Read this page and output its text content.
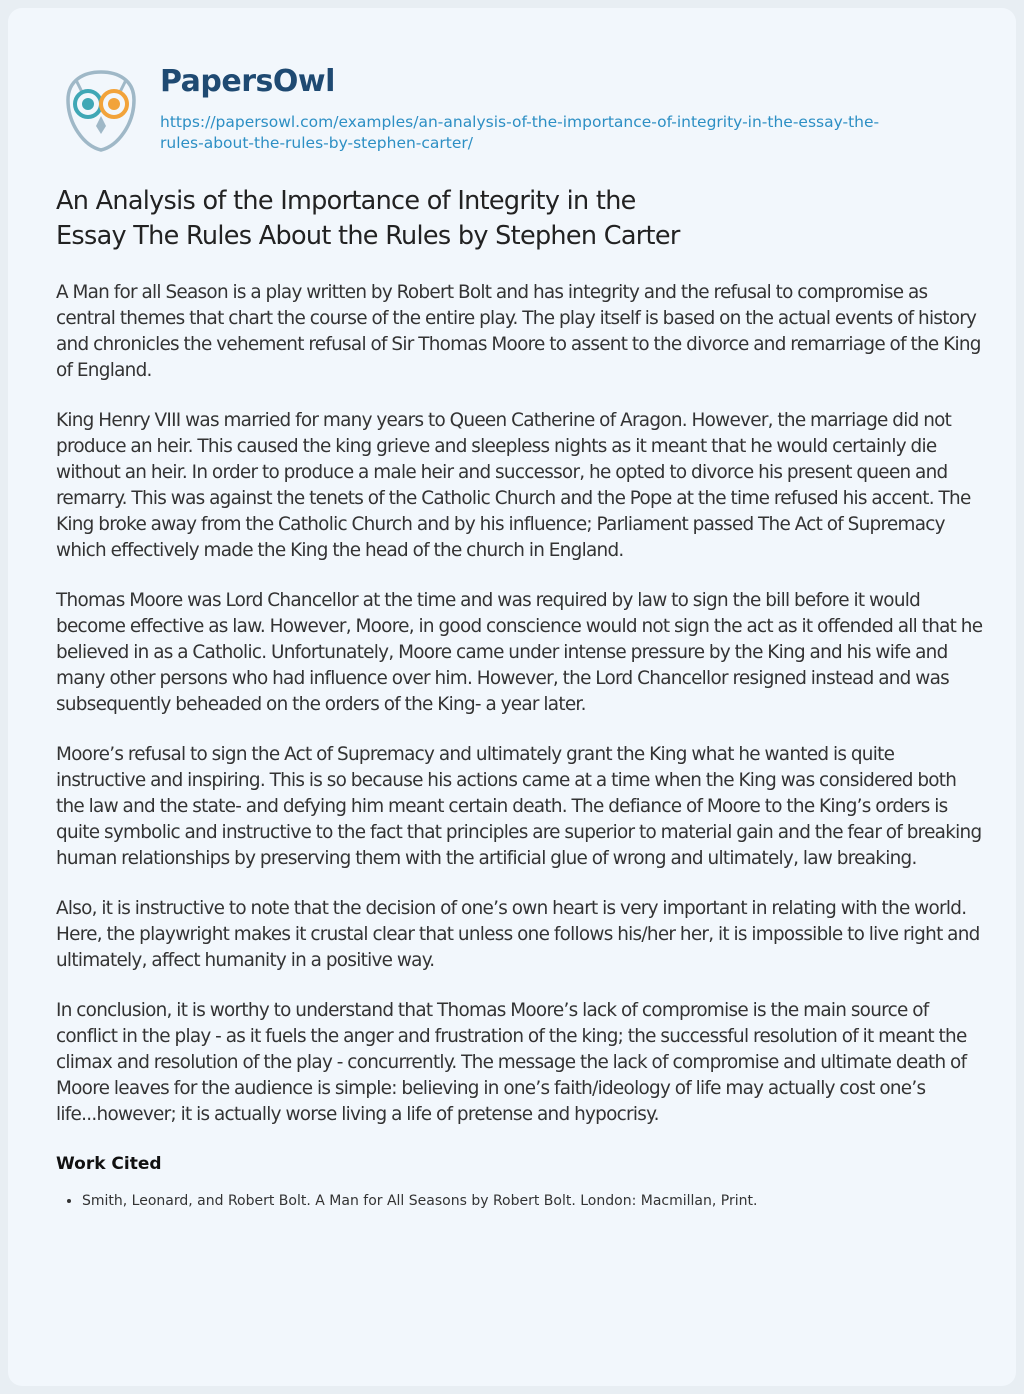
PapersOwl
https://papersowl.com/examples/an-analysis-of-the-importance-of-integrity-in-the-essay-the-
rules-about-the-rules-by-stephen-carter/
An Analysis of the Importance of Integrity in the
Essay The Rules About the Rules by Stephen Carter

A Man for all Season is a play written by Robert Bolt and has integrity and the refusal to compromise as central themes that chart the course of the entire play. The play itself is based on the actual events of history and chronicles the vehement refusal of Sir Thomas Moore to assent to the divorce and remarriage of the King of England.

King Henry VIII was married for many years to Queen Catherine of Aragon. However, the marriage did not produce an heir. This caused the king grieve and sleepless nights as it meant that he would certainly die without an heir. In order to produce a male heir and successor, he opted to divorce his present queen and remarry. This was against the tenets of the Catholic Church and the Pope at the time refused his accent. The King broke away from the Catholic Church and by his influence; Parliament passed The Act of Supremacy which effectively made the King the head of the church in England.

Thomas Moore was Lord Chancellor at the time and was required by law to sign the bill before it would become effective as law. However, Moore, in good conscience would not sign the act as it offended all that he believed in as a Catholic. Unfortunately, Moore came under intense pressure by the King and his wife and many other persons who had influence over him. However, the Lord Chancellor resigned instead and was subsequently beheaded on the orders of the King- a year later.

Moore’s refusal to sign the Act of Supremacy and ultimately grant the King what he wanted is quite instructive and inspiring. This is so because his actions came at a time when the King was considered both the law and the state- and defying him meant certain death. The defiance of Moore to the King’s orders is quite symbolic and instructive to the fact that principles are superior to material gain and the fear of breaking human relationships by preserving them with the artificial glue of wrong and ultimately, law breaking.

Also, it is instructive to note that the decision of one’s own heart is very important in relating with the world. Here, the playwright makes it crustal clear that unless one follows his/her her, it is impossible to live right and ultimately, affect humanity in a positive way.

In conclusion, it is worthy to understand that Thomas Moore’s lack of compromise is the main source of conflict in the play - as it fuels the anger and frustration of the king; the successful resolution of it meant the climax and resolution of the play - concurrently. The message the lack of compromise and ultimate death of Moore leaves for the audience is simple: believing in one’s faith/ideology of life may actually cost one’s life...however; it is actually worse living a life of pretense and hypocrisy.

Work Cited
• Smith, Leonard, and Robert Bolt. A Man for All Seasons by Robert Bolt. London: Macmillan, Print.
